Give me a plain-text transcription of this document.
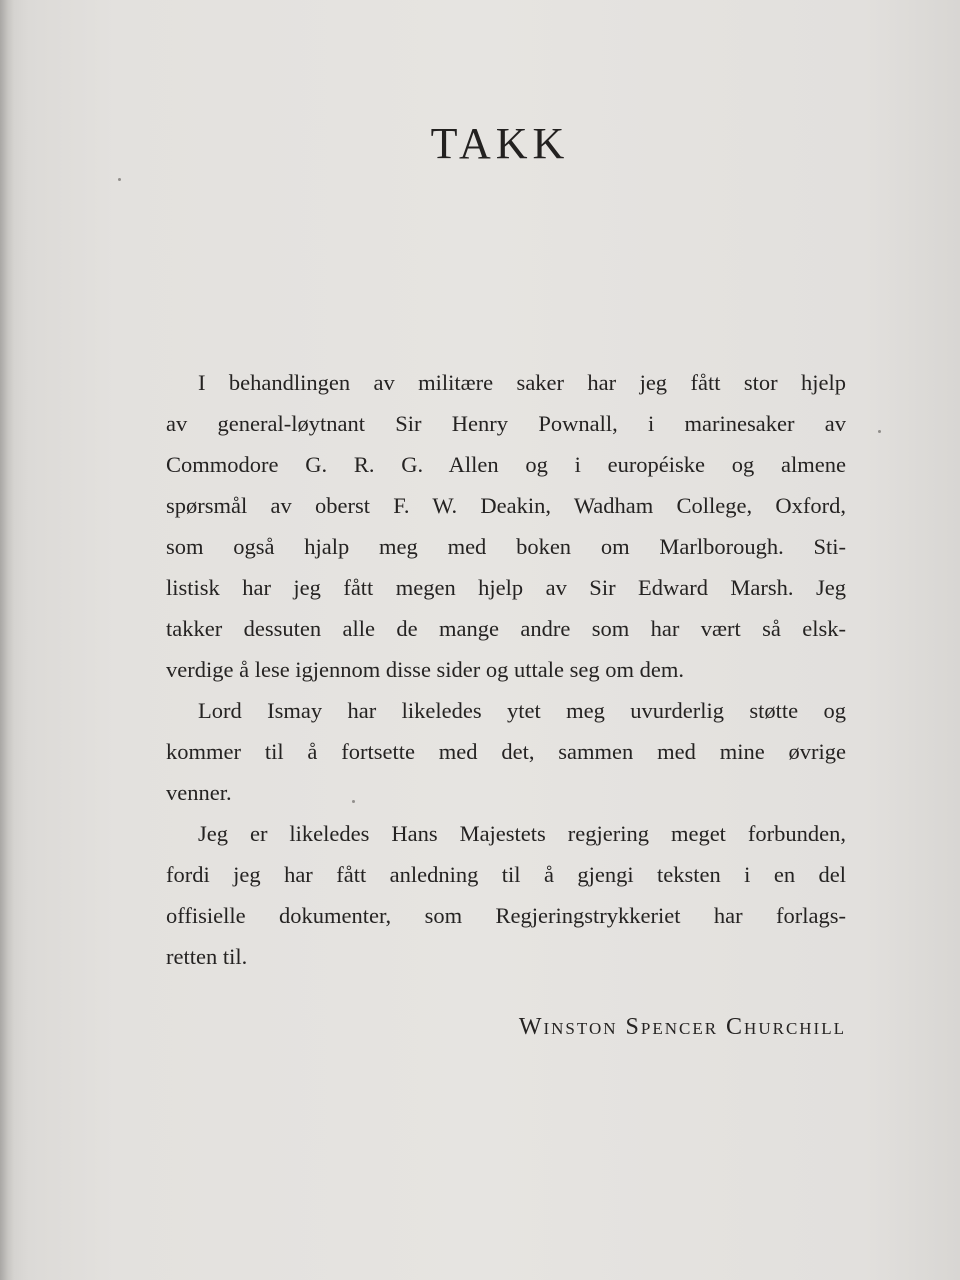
TAKK
I behandlingen av militære saker har jeg fått stor hjelp
av general-løytnant Sir Henry Pownall, i marinesaker av
Commodore G. R. G. Allen og i européiske og almene
spørsmål av oberst F. W. Deakin, Wadham College, Oxford,
som også hjalp meg med boken om Marlborough. Sti-
listisk har jeg fått megen hjelp av Sir Edward Marsh. Jeg
takker dessuten alle de mange andre som har vært så elsk-
verdige å lese igjennom disse sider og uttale seg om dem.
Lord Ismay har likeledes ytet meg uvurderlig støtte og
kommer til å fortsette med det, sammen med mine øvrige
venner.
Jeg er likeledes Hans Majestets regjering meget forbunden,
fordi jeg har fått anledning til å gjengi teksten i en del
offisielle dokumenter, som Regjeringstrykkeriet har forlags-
retten til.
Winston Spencer Churchill
